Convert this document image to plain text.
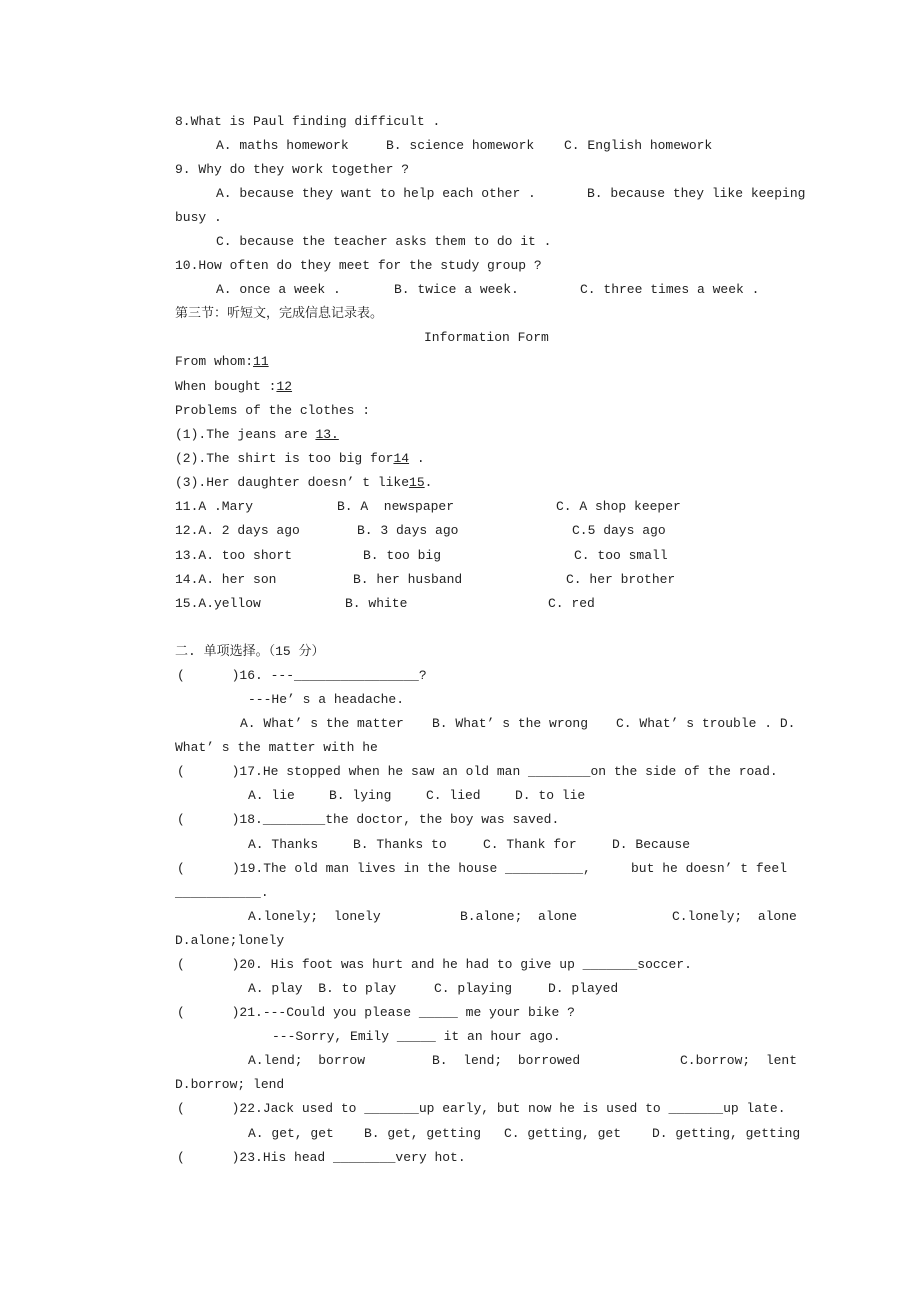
8.What is Paul finding difficult .
A. maths homework	B. science homework C. English homework
9. Why do they work together ?
A. because they want to help each other .	B. because they like keeping
busy .
C. because the teacher asks them to do it .
10.How often do they meet for the study group ?
A. once a week .	B. twice a week.	C. three times a week .
第三节：听短文，完成信息记录表。
Information Form
From whom:11
When bought :12
Problems of the clothes :
(1).The jeans are 13.
(2).The shirt is too big for14 .
(3).Her daughter doesn’ t like15.
11.A .Mary	B. A  newspaper	C. A shop keeper
12.A. 2 days ago	B. 3 days ago	C.5 days ago
13.A. too short	B. too big	C. too small
14.A. her son	B. her husband	C. her brother
15.A.yellow	B. white	C. red
二. 单项选择。（15 分）
(      )16. ---________________?
---He’ s a headache.
A. What’ s the matter B. What’ s the wrong C. What’ s trouble . D.
What’ s the matter with he
(      )17.He stopped when he saw an old man ________on the side of the road.
A. lie	B. lying	C. lied	D. to lie
(      )18.________the doctor, the boy was saved.
A. Thanks	B. Thanks to	C. Thank for	D. Because
(	)19.The old man lives in the house __________,	but he doesn’ t feel
___________.
A.lonely;  lonely	B.alone;  alone	C.lonely;  alone
D.alone;lonely
(      )20. His foot was hurt and he had to give up _______soccer.
A. play  B. to play	C. playing	D. played
(      )21.---Could you please _____ me your bike ?
---Sorry, Emily _____ it an hour ago.
A.lend;  borrow	B.  lend;  borrowed	C.borrow;  lent
D.borrow; lend
(      )22.Jack used to _______up early, but now he is used to _______up late.
A. get, get B. get, getting C. getting, get D. getting, getting
(      )23.His head ________very hot.
